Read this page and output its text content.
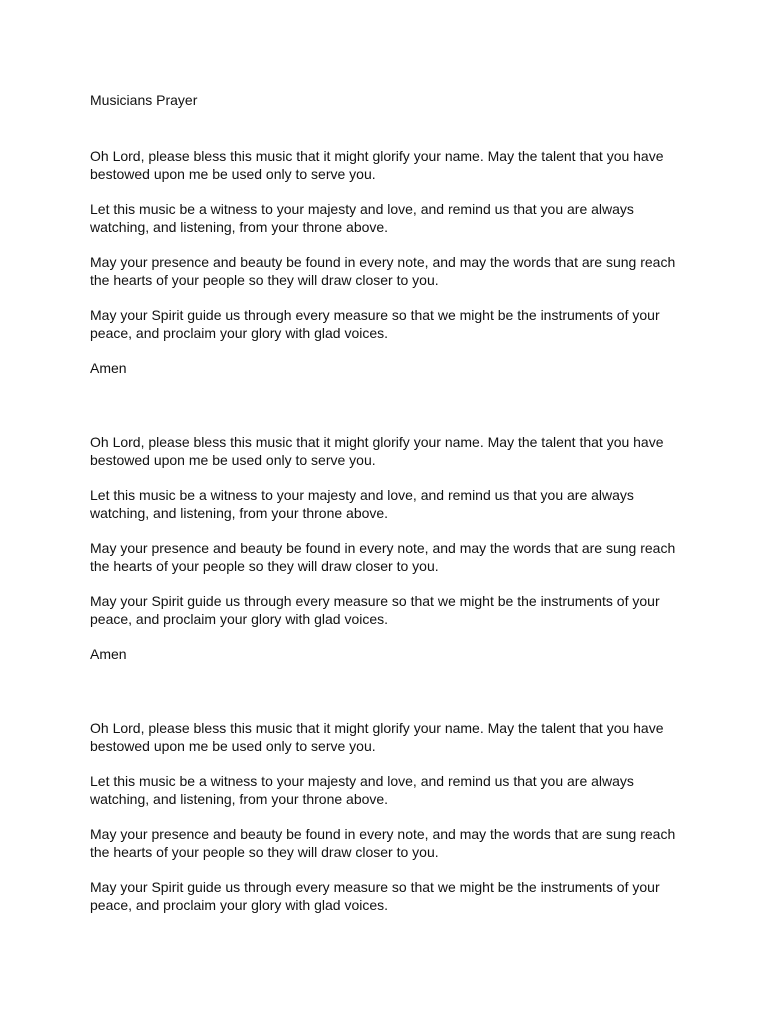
Musicians Prayer

Oh Lord, please bless this music that it might glorify your name. May the talent that you have
bestowed upon me be used only to serve you.

Let this music be a witness to your majesty and love, and remind us that you are always
watching, and listening, from your throne above.

May your presence and beauty be found in every note, and may the words that are sung reach
the hearts of your people so they will draw closer to you.

May your Spirit guide us through every measure so that we might be the instruments of your
peace, and proclaim your glory with glad voices.

Amen

Oh Lord, please bless this music that it might glorify your name. May the talent that you have
bestowed upon me be used only to serve you.

Let this music be a witness to your majesty and love, and remind us that you are always
watching, and listening, from your throne above.

May your presence and beauty be found in every note, and may the words that are sung reach
the hearts of your people so they will draw closer to you.

May your Spirit guide us through every measure so that we might be the instruments of your
peace, and proclaim your glory with glad voices.

Amen

Oh Lord, please bless this music that it might glorify your name. May the talent that you have
bestowed upon me be used only to serve you.

Let this music be a witness to your majesty and love, and remind us that you are always
watching, and listening, from your throne above.

May your presence and beauty be found in every note, and may the words that are sung reach
the hearts of your people so they will draw closer to you.

May your Spirit guide us through every measure so that we might be the instruments of your
peace, and proclaim your glory with glad voices.
